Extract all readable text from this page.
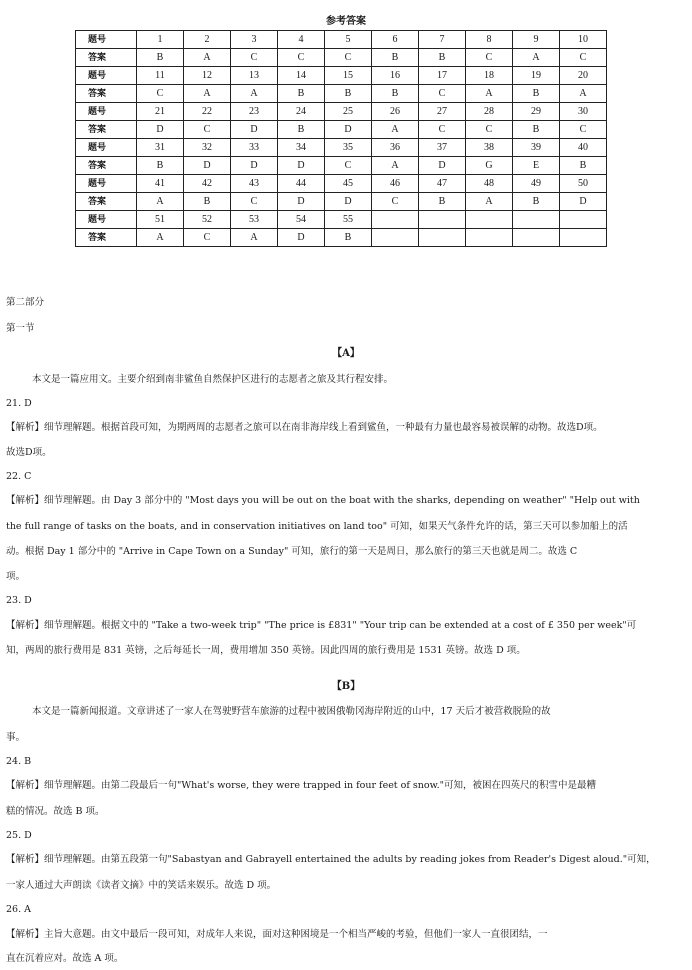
参考答案
题号	1	2	3	4	5	6	7	8	9	10
答案	B	A	C	C	C	B	B	C	A	C
题号	11	12	13	14	15	16	17	18	19	20
答案	C	A	A	B	B	B	C	A	B	A
题号	21	22	23	24	25	26	27	28	29	30
答案	D	C	D	B	D	A	C	C	B	C
题号	31	32	33	34	35	36	37	38	39	40
答案	B	D	D	D	C	A	D	G	E	B
题号	41	42	43	44	45	46	47	48	49	50
答案	A	B	C	D	D	C	B	A	B	D
题号	51	52	53	54	55					
答案	A	C	A	D	B					
第二部分
第一节
【A】
本文是一篇应用文。主要介绍到南非鲨鱼自然保护区进行的志愿者之旅及其行程安排。
21. D
【解析】细节理解题。根据首段可知，为期两周的志愿者之旅可以在南非海岸线上看到鲨鱼，一种最有力量也最容易被误解的动物。故选D项。
故选D项。
22. C
【解析】细节理解题。由 Day 3 部分中的 "Most days you will be out on the boat with the sharks, depending on weather" "Help out with
the full range of tasks on the boats, and in conservation initiatives on land too" 可知，如果天气条件允许的话，第三天可以参加船上的活
动。根据 Day 1 部分中的 "Arrive in Cape Town on a Sunday" 可知，旅行的第一天是周日，那么旅行的第三天也就是周二。故选 C
项。
23. D
【解析】细节理解题。根据文中的 "Take a two-week trip" "The price is £831" "Your trip can be extended at a cost of £ 350 per week"可
知，两周的旅行费用是 831 英镑，之后每延长一周，费用增加 350 英镑。因此四周的旅行费用是 1531 英镑。故选 D 项。
【B】
本文是一篇新闻报道。文章讲述了一家人在驾驶野营车旅游的过程中被困俄勒冈海岸附近的山中，17 天后才被营救脱险的故
事。
24. B
【解析】细节理解题。由第二段最后一句"What's worse, they were trapped in four feet of snow."可知，被困在四英尺的积雪中是最糟
糕的情况。故选 B 项。
25. D
【解析】细节理解题。由第五段第一句"Sabastyan and Gabrayell entertained the adults by reading jokes from Reader's Digest aloud."可知，
一家人通过大声朗读《读者文摘》中的笑话来娱乐。故选 D 项。
26. A
【解析】主旨大意题。由文中最后一段可知，对成年人来说，面对这种困境是一个相当严峻的考验，但他们一家人一直很团结，一
直在沉着应对。故选 A 项。
